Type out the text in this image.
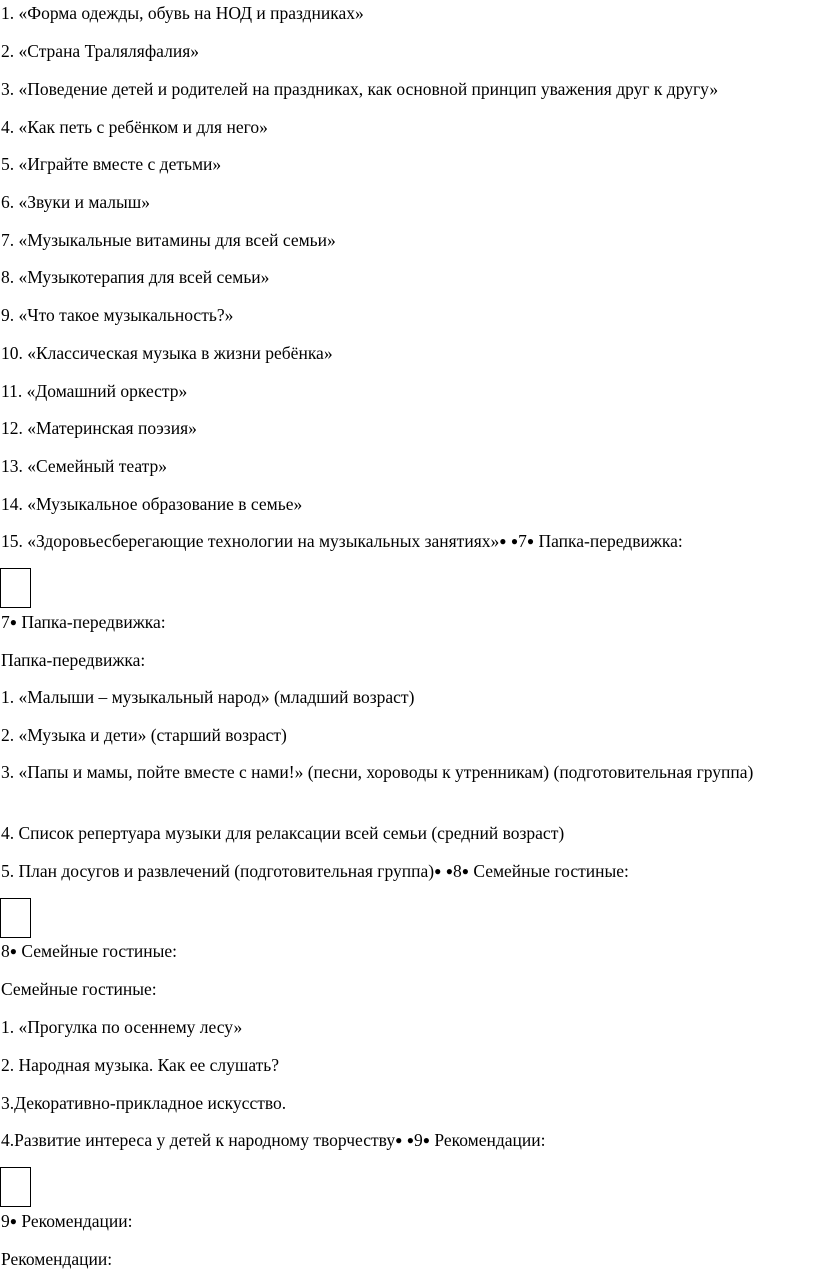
1. «Форма одежды, обувь на НОД и праздниках»
2. «Страна Траляляфалия»
3. «Поведение детей и родителей на праздниках, как основной принцип уважения друг к другу»
4. «Как петь с ребёнком и для него»
5. «Играйте вместе с детьми»
6. «Звуки и малыш»
7. «Музыкальные витамины для всей семьи»
8. «Музыкотерапия для всей семьи»
9. «Что такое музыкальность?»
10. «Классическая музыка в жизни ребёнка»
11. «Домашний оркестр»
12. «Материнская поэзия»
13. «Семейный театр»
14. «Музыкальное образование в семье»
15. «Здоровьесберегающие технологии на музыкальных занятиях»● ●7● Папка-передвижка:
7● Папка-передвижка:
Папка-передвижка:
1. «Малыши – музыкальный народ» (младший возраст)
2. «Музыка и дети» (старший возраст)
3. «Папы и мамы, пойте вместе с нами!» (песни, хороводы к утренникам) (подготовительная группа)
4. Список репертуара музыки для релаксации всей семьи (средний возраст)
5. План досугов и развлечений (подготовительная группа)● ●8● Семейные гостиные:
8● Семейные гостиные:
Семейные гостиные:
1. «Прогулка по осеннему лесу»
2. Народная музыка. Как ее слушать?
3.Декоративно-прикладное искусство.
4.Развитие интереса у детей к народному творчеству● ●9● Рекомендации:
9● Рекомендации:
Рекомендации:
